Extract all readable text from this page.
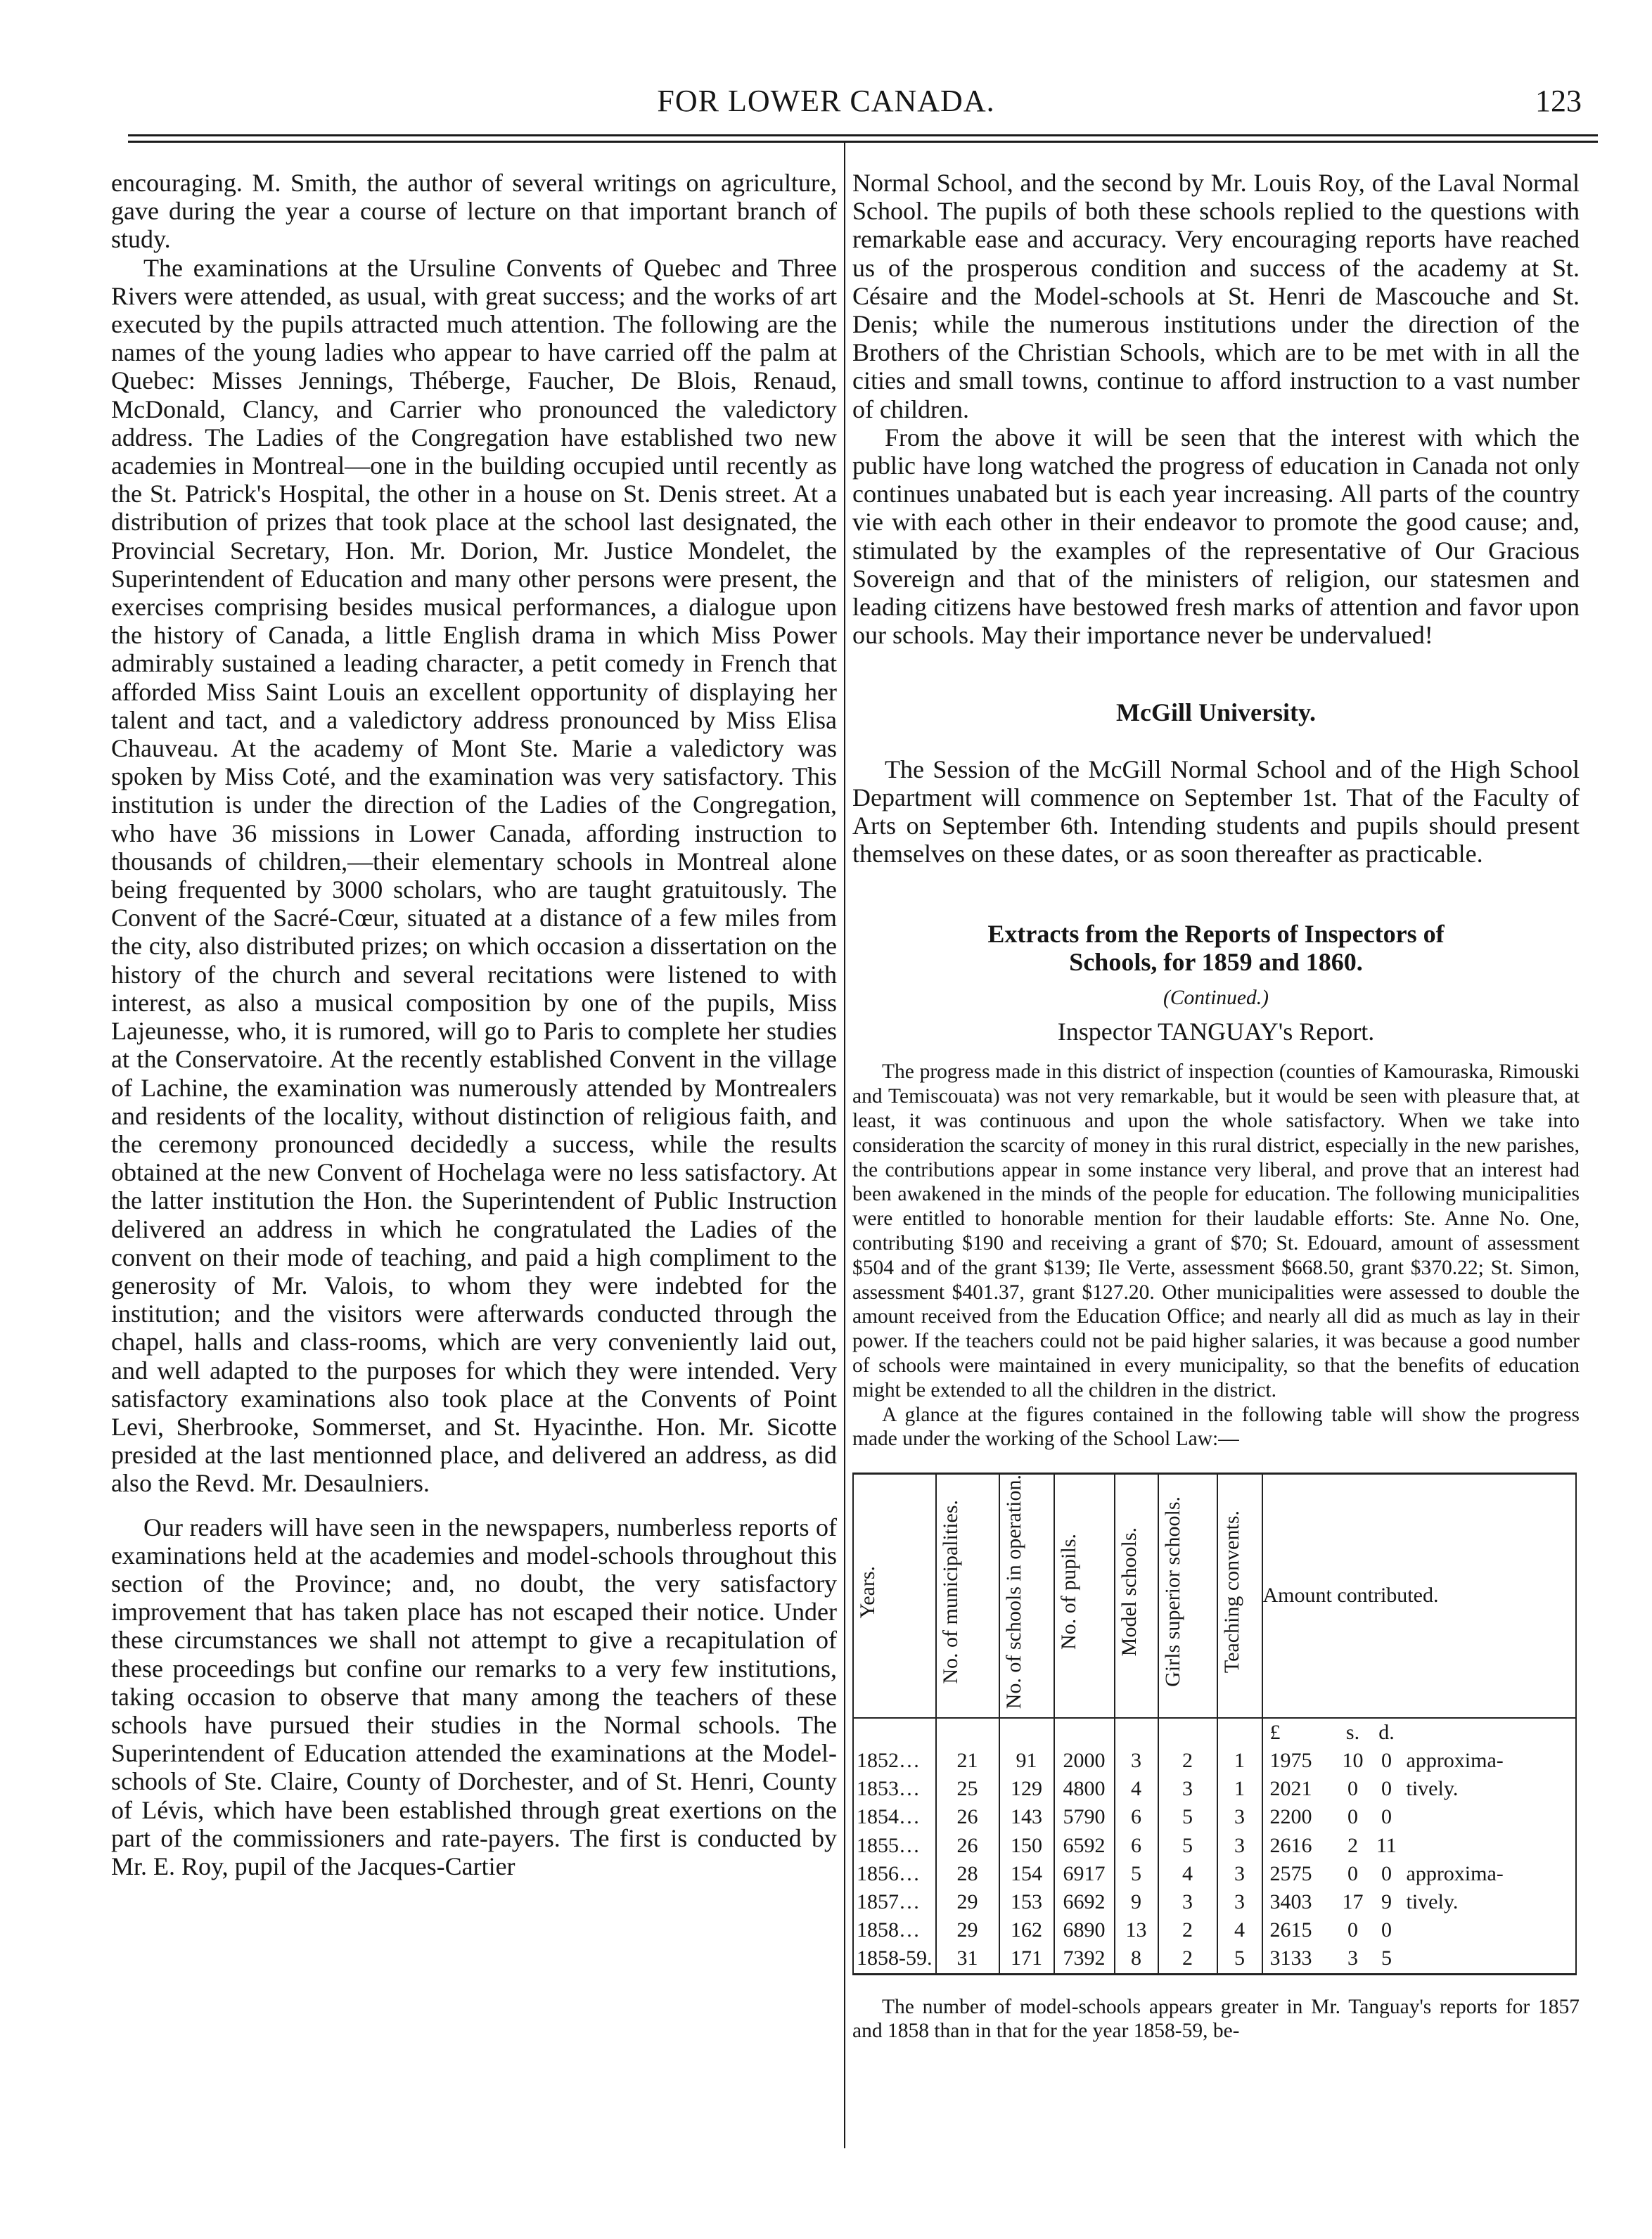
FOR LOWER CANADA.	123

encouraging. M. Smith, the author of several writings on agriculture, gave during the year a course of lecture on that important branch of study.

The examinations at the Ursuline Convents of Quebec and Three Rivers were attended, as usual, with great success; and the works of art executed by the pupils attracted much attention. The following are the names of the young ladies who appear to have carried off the palm at Quebec: Misses Jennings, Théberge, Faucher, De Blois, Renaud, McDonald, Clancy, and Carrier who pronounced the valedictory address. The Ladies of the Congregation have established two new academies in Montreal—one in the building occupied until recently as the St. Patrick's Hospital, the other in a house on St. Denis street. At a distribution of prizes that took place at the school last designated, the Provincial Secretary, Hon. Mr. Dorion, Mr. Justice Mondelet, the Superintendent of Education and many other persons were present, the exercises comprising besides musical performances, a dialogue upon the history of Canada, a little English drama in which Miss Power admirably sustained a leading character, a petit comedy in French that afforded Miss Saint Louis an excellent opportunity of displaying her talent and tact, and a valedictory address pronounced by Miss Elisa Chauveau. At the academy of Mont Ste. Marie a valedictory was spoken by Miss Coté, and the examination was very satisfactory. This institution is under the direction of the Ladies of the Congregation, who have 36 missions in Lower Canada, affording instruction to thousands of children,—their elementary schools in Montreal alone being frequented by 3000 scholars, who are taught gratuitously. The Convent of the Sacré-Cœur, situated at a distance of a few miles from the city, also distributed prizes; on which occasion a dissertation on the history of the church and several recitations were listened to with interest, as also a musical composition by one of the pupils, Miss Lajeunesse, who, it is rumored, will go to Paris to complete her studies at the Conservatoire. At the recently established Convent in the village of Lachine, the examination was numerously attended by Montrealers and residents of the locality, without distinction of religious faith, and the ceremony pronounced decidedly a success, while the results obtained at the new Convent of Hochelaga were no less satisfactory. At the latter institution the Hon. the Superintendent of Public Instruction delivered an address in which he congratulated the Ladies of the convent on their mode of teaching, and paid a high compliment to the generosity of Mr. Valois, to whom they were indebted for the institution; and the visitors were afterwards conducted through the chapel, halls and class-rooms, which are very conveniently laid out, and well adapted to the purposes for which they were intended. Very satisfactory examinations also took place at the Convents of Point Levi, Sherbrooke, Sommerset, and St. Hyacinthe. Hon. Mr. Sicotte presided at the last mentionned place, and delivered an address, as did also the Revd. Mr. Desaulniers.

Our readers will have seen in the newspapers, numberless reports of examinations held at the academies and model-schools throughout this section of the Province; and, no doubt, the very satisfactory improvement that has taken place has not escaped their notice. Under these circumstances we shall not attempt to give a recapitulation of these proceedings but confine our remarks to a very few institutions, taking occasion to observe that many among the teachers of these schools have pursued their studies in the Normal schools. The Superintendent of Education attended the examinations at the Model-schools of Ste. Claire, County of Dorchester, and of St. Henri, County of Lévis, which have been established through great exertions on the part of the commissioners and rate-payers. The first is conducted by Mr. E. Roy, pupil of the Jacques-Cartier

Normal School, and the second by Mr. Louis Roy, of the Laval Normal School. The pupils of both these schools replied to the questions with remarkable ease and accuracy. Very encouraging reports have reached us of the prosperous condition and success of the academy at St. Césaire and the Model-schools at St. Henri de Mascouche and St. Denis; while the numerous institutions under the direction of the Brothers of the Christian Schools, which are to be met with in all the cities and small towns, continue to afford instruction to a vast number of children.

From the above it will be seen that the interest with which the public have long watched the progress of education in Canada not only continues unabated but is each year increasing. All parts of the country vie with each other in their endeavor to promote the good cause; and, stimulated by the examples of the representative of Our Gracious Sovereign and that of the ministers of religion, our statesmen and leading citizens have bestowed fresh marks of attention and favor upon our schools. May their importance never be undervalued!

McGill University.

The Session of the McGill Normal School and of the High School Department will commence on September 1st. That of the Faculty of Arts on September 6th. Intending students and pupils should present themselves on these dates, or as soon thereafter as practicable.

Extracts from the Reports of Inspectors of
Schools, for 1859 and 1860.
(Continued.)
Inspector TANGUAY's Report.

The progress made in this district of inspection (counties of Kamouraska, Rimouski and Temiscouata) was not very remarkable, but it would be seen with pleasure that, at least, it was continuous and upon the whole satisfactory. When we take into consideration the scarcity of money in this rural district, especially in the new parishes, the contributions appear in some instance very liberal, and prove that an interest had been awakened in the minds of the people for education. The following municipalities were entitled to honorable mention for their laudable efforts: Ste. Anne No. One, contributing $190 and receiving a grant of $70; St. Edouard, amount of assessment $504 and of the grant $139; Ile Verte, assessment $668.50, grant $370.22; St. Simon, assessment $401.37, grant $127.20. Other municipalities were assessed to double the amount received from the Education Office; and nearly all did as much as lay in their power. If the teachers could not be paid higher salaries, it was because a good number of schools were maintained in every municipality, so that the benefits of education might be extended to all the children in the district.

A glance at the figures contained in the following table will show the progress made under the working of the School Law:—

Years.	No. of municipalities.	No. of schools in operation.	No. of pupils.	Model schools.	Girls superior schools.	Teaching convents.	Amount contributed.			
							£	s.	d.	
1852…	21	91	2000	3	2	1	1975	10	0	approxima-
1853…	25	129	4800	4	3	1	2021	0	0	tively.
1854…	26	143	5790	6	5	3	2200	0	0	
1855…	26	150	6592	6	5	3	2616	2	11	
1856…	28	154	6917	5	4	3	2575	0	0	approxima-
1857…	29	153	6692	9	3	3	3403	17	9	tively.
1858…	29	162	6890	13	2	4	2615	0	0	
1858-59.	31	171	7392	8	2	5	3133	3	5	

The number of model-schools appears greater in Mr. Tanguay's reports for 1857 and 1858 than in that for the year 1858-59, be-
